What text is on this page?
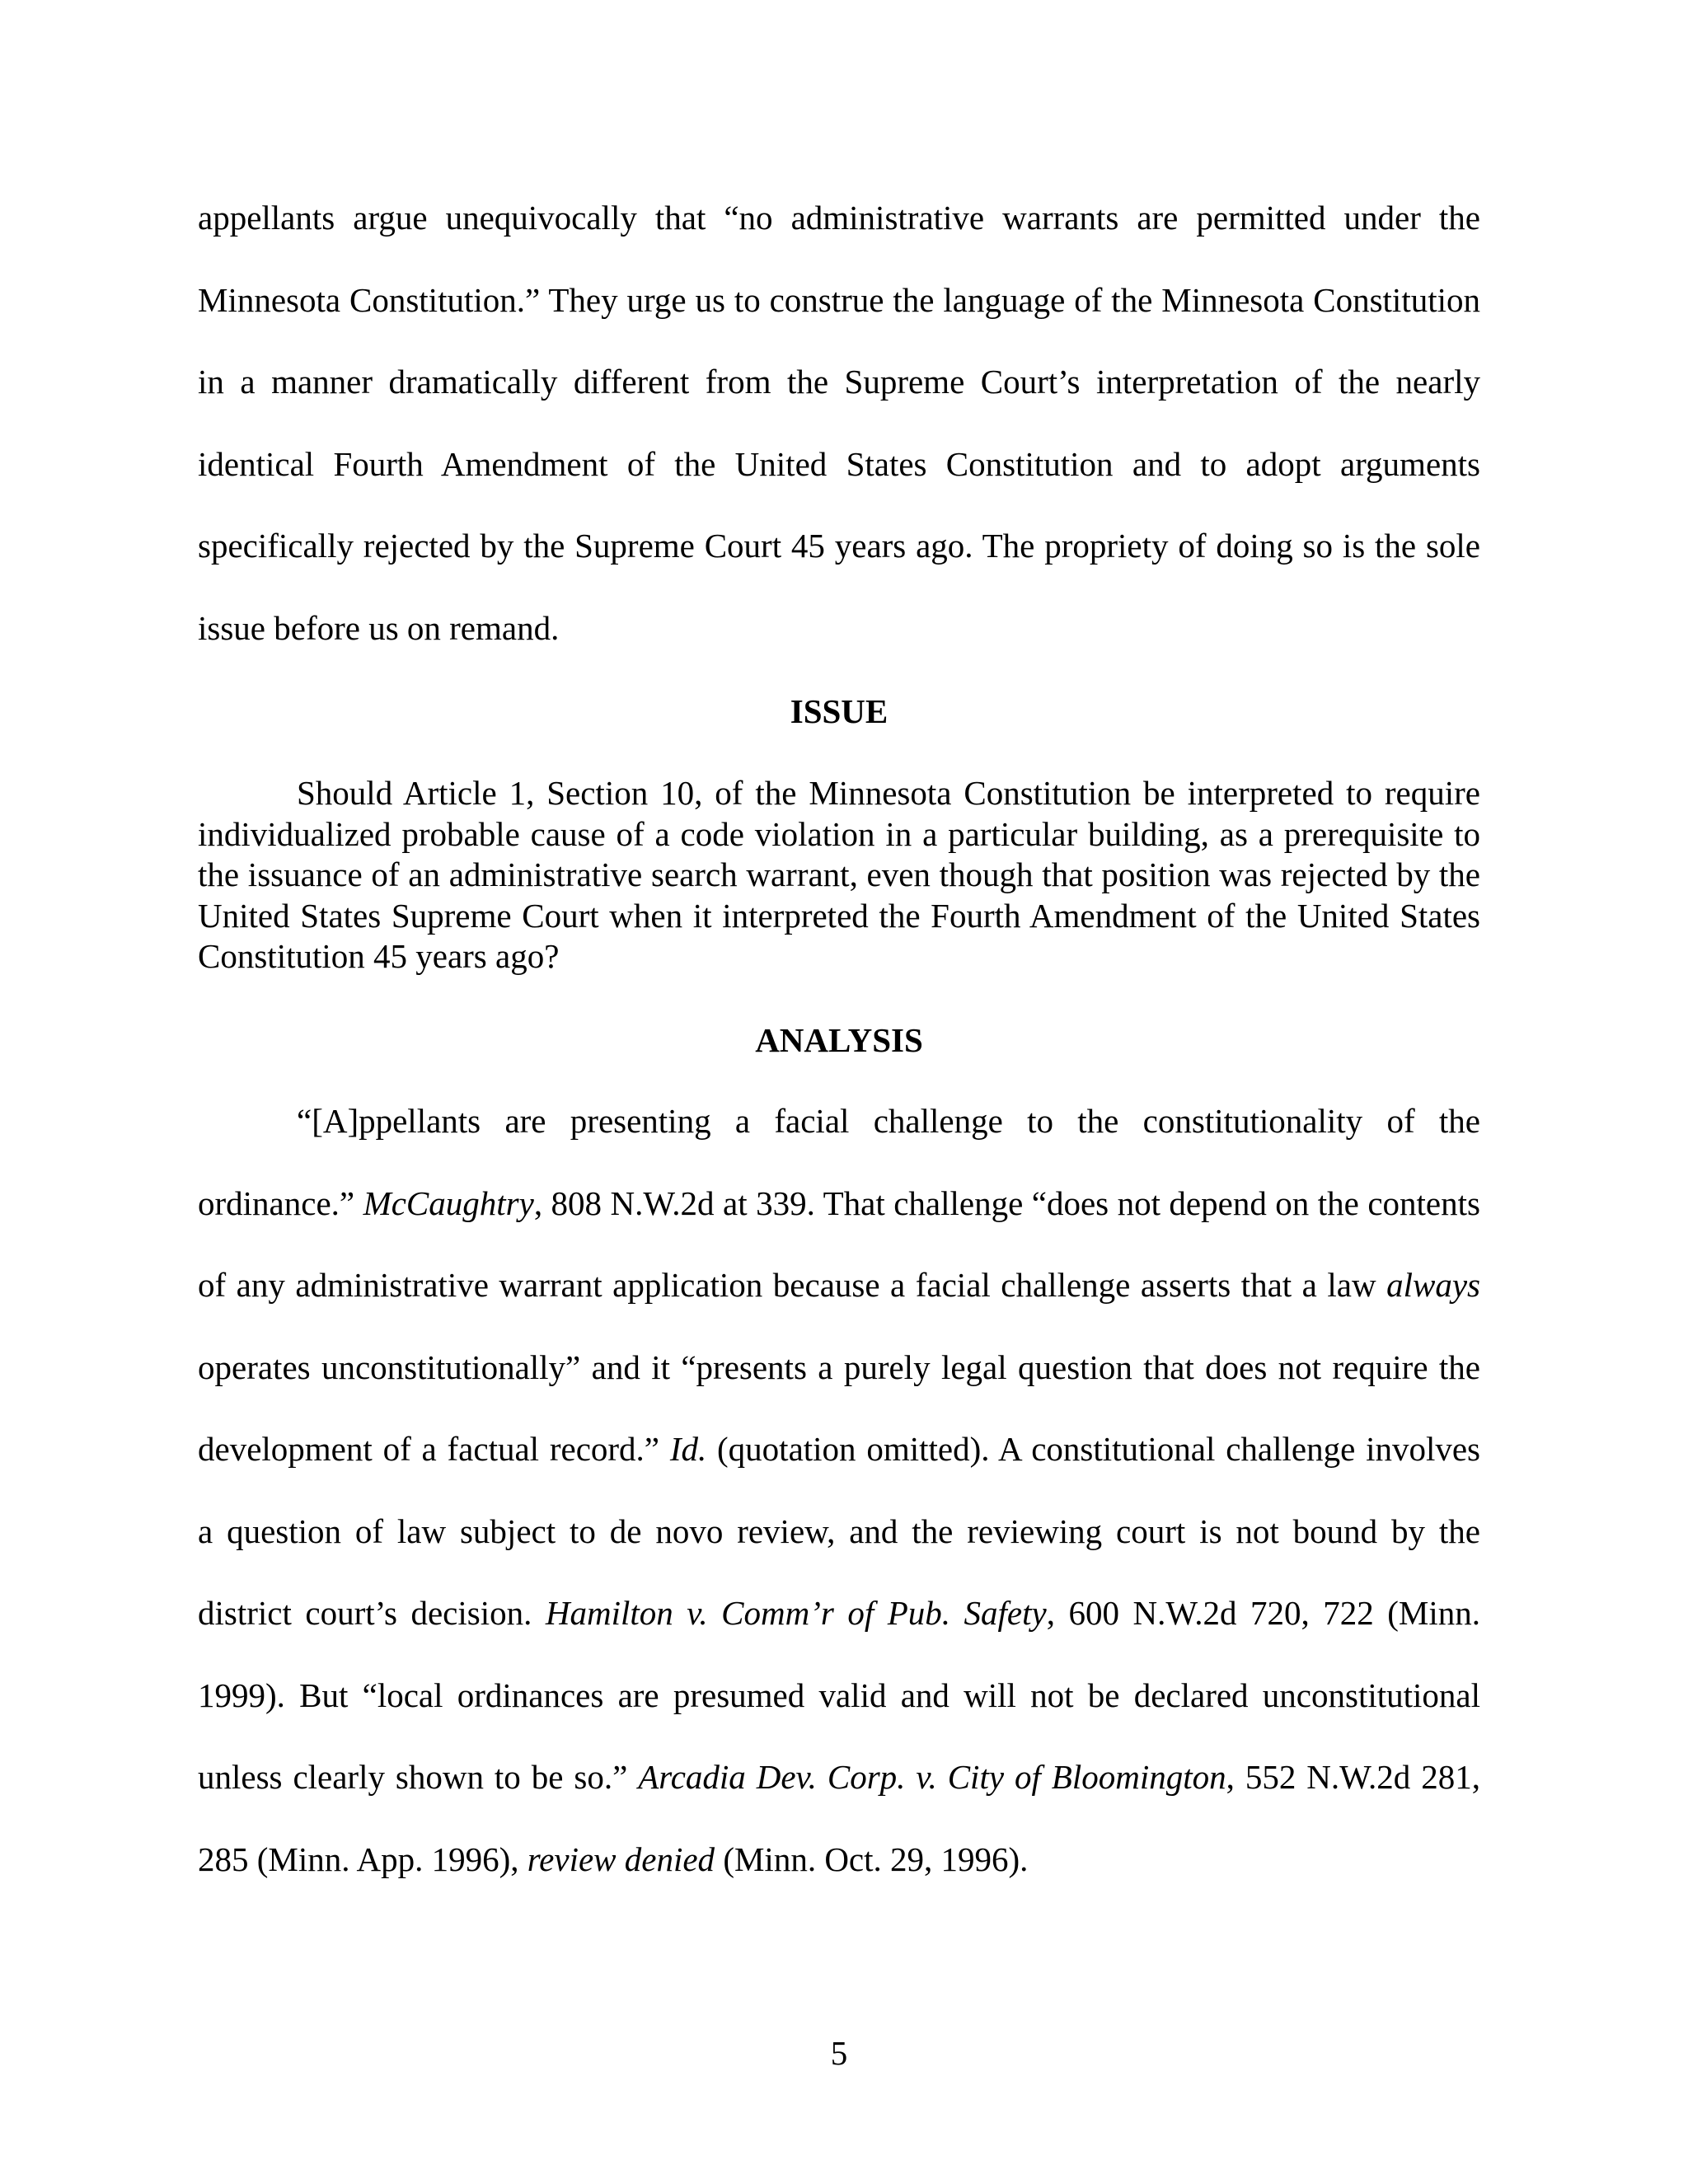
appellants argue unequivocally that “no administrative warrants are permitted under the Minnesota Constitution.” They urge us to construe the language of the Minnesota Constitution in a manner dramatically different from the Supreme Court’s interpretation of the nearly identical Fourth Amendment of the United States Constitution and to adopt arguments specifically rejected by the Supreme Court 45 years ago. The propriety of doing so is the sole issue before us on remand.

ISSUE

Should Article 1, Section 10, of the Minnesota Constitution be interpreted to require individualized probable cause of a code violation in a particular building, as a prerequisite to the issuance of an administrative search warrant, even though that position was rejected by the United States Supreme Court when it interpreted the Fourth Amendment of the United States Constitution 45 years ago?

ANALYSIS

“[A]ppellants are presenting a facial challenge to the constitutionality of the ordinance.” McCaughtry, 808 N.W.2d at 339. That challenge “does not depend on the contents of any administrative warrant application because a facial challenge asserts that a law always operates unconstitutionally” and it “presents a purely legal question that does not require the development of a factual record.” Id. (quotation omitted). A constitutional challenge involves a question of law subject to de novo review, and the reviewing court is not bound by the district court’s decision. Hamilton v. Comm’r of Pub. Safety, 600 N.W.2d 720, 722 (Minn. 1999). But “local ordinances are presumed valid and will not be declared unconstitutional unless clearly shown to be so.” Arcadia Dev. Corp. v. City of Bloomington, 552 N.W.2d 281, 285 (Minn. App. 1996), review denied (Minn. Oct. 29, 1996).

5
